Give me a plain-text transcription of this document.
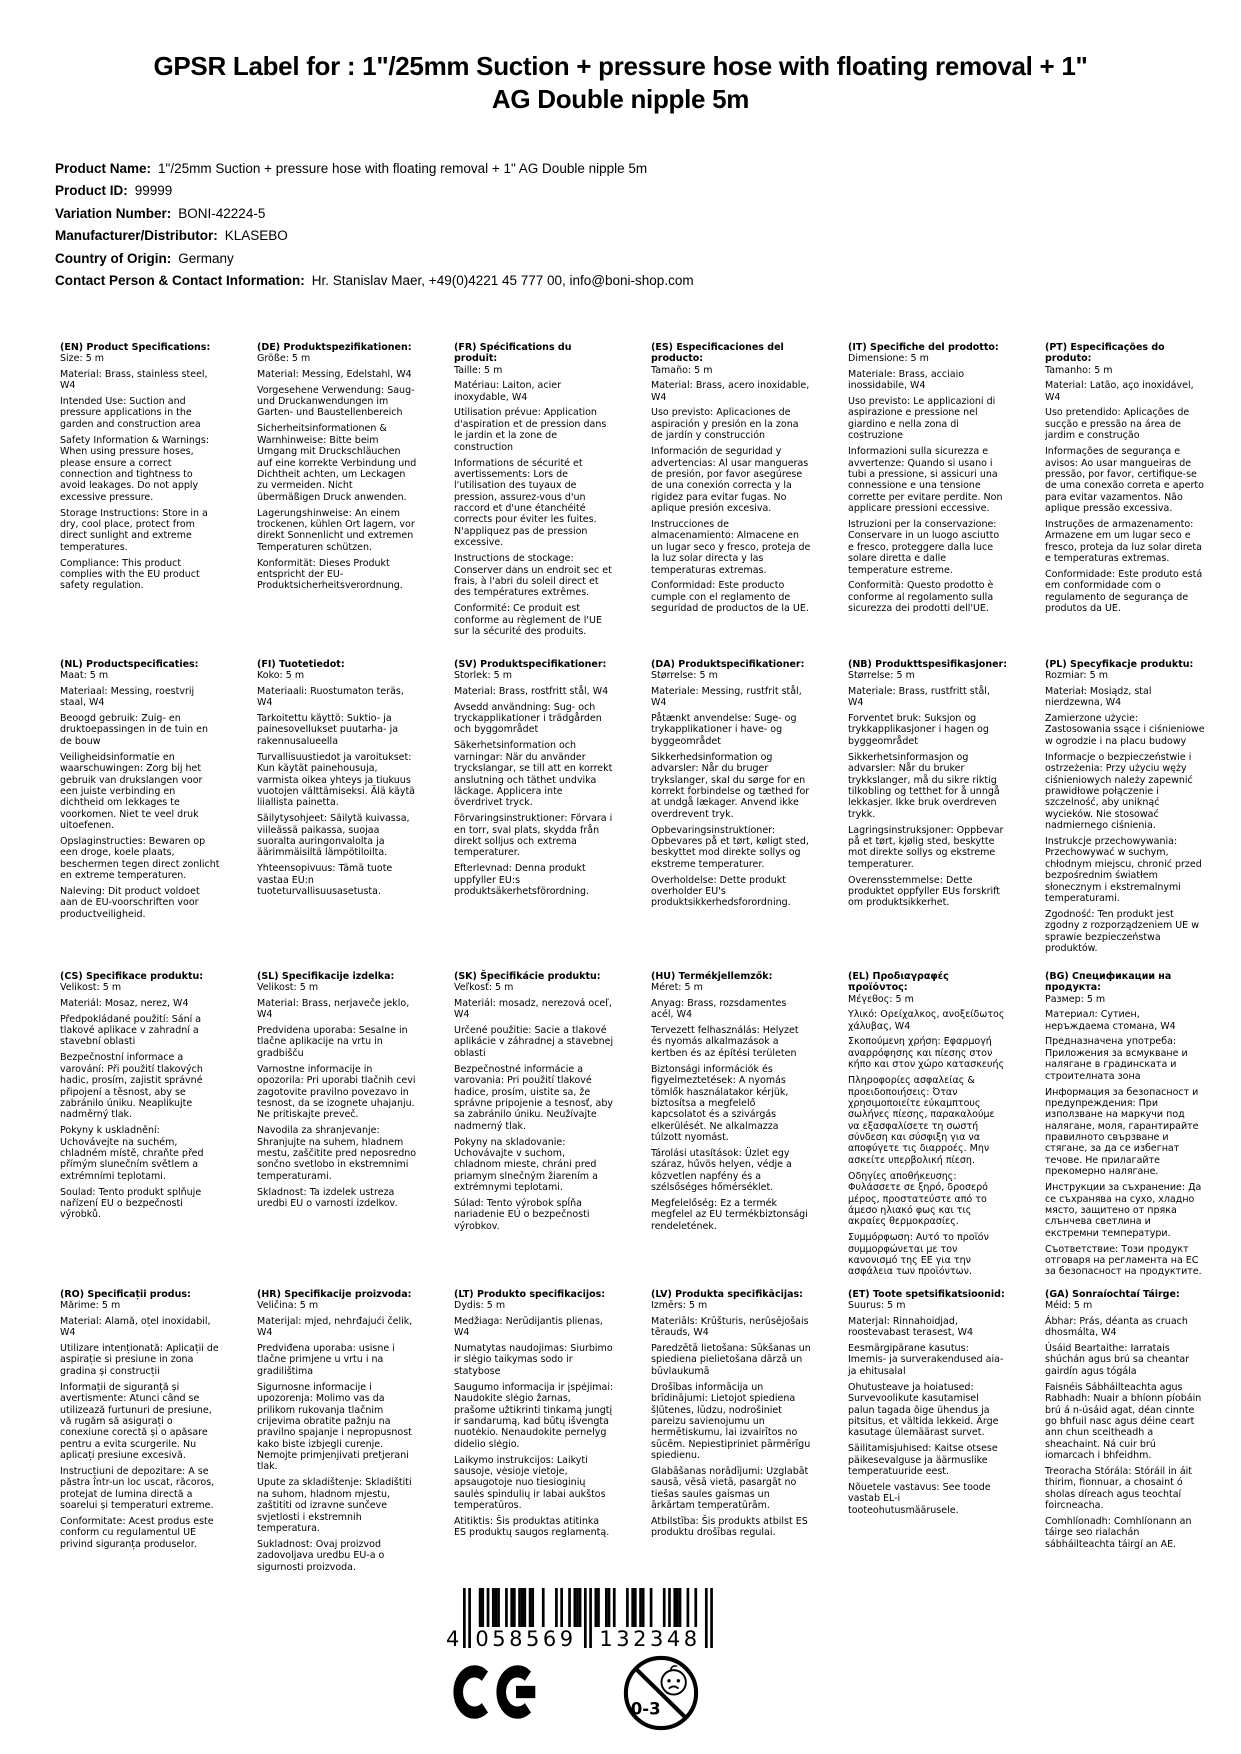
GPSR Label for : 1"/25mm Suction + pressure hose with floating removal + 1" AG Double nipple 5m
Product Name: 1"/25mm Suction + pressure hose with floating removal + 1" AG Double nipple 5m
Product ID: 99999
Variation Number: BONI-42224-5
Manufacturer/Distributor: KLASEBO
Country of Origin: Germany
Contact Person & Contact Information: Hr. Stanislav Maer, +49(0)4221 45 777 00, info@boni-shop.com

(EN) Product Specifications:

Size: 5 m

Material: Brass, stainless steel, W4

Intended Use: Suction and pressure applications in the garden and construction area

Safety Information & Warnings: When using pressure hoses, please ensure a correct connection and tightness to avoid leakages. Do not apply excessive pressure.

Storage Instructions: Store in a dry, cool place, protect from direct sunlight and extreme temperatures.

Compliance: This product complies with the EU product safety regulation.

(DE) Produktspezifikationen:

Größe: 5 m

Material: Messing, Edelstahl, W4

Vorgesehene Verwendung: Saug- und Druckanwendungen im Garten- und Baustellenbereich

Sicherheitsinformationen & Warnhinweise: Bitte beim Umgang mit Druckschläuchen auf eine korrekte Verbindung und Dichtheit achten, um Leckagen zu vermeiden. Nicht übermäßigen Druck anwenden.

Lagerungshinweise: An einem trockenen, kühlen Ort lagern, vor direkt Sonnenlicht und extremen Temperaturen schützen.

Konformität: Dieses Produkt entspricht der EU-Produktsicherheitsverordnung.

(FR) Spécifications du produit:

Taille: 5 m

Matériau: Laiton, acier inoxydable, W4

Utilisation prévue: Application d'aspiration et de pression dans le jardin et la zone de construction

Informations de sécurité et avertissements: Lors de l'utilisation des tuyaux de pression, assurez-vous d'un raccord et d'une étanchéité corrects pour éviter les fuites. N'appliquez pas de pression excessive.

Instructions de stockage: Conserver dans un endroit sec et frais, à l'abri du soleil direct et des températures extrêmes.

Conformité: Ce produit est conforme au règlement de l'UE sur la sécurité des produits.

(ES) Especificaciones del producto:

Tamaño: 5 m

Material: Brass, acero inoxidable, W4

Uso previsto: Aplicaciones de aspiración y presión en la zona de jardín y construcción

Información de seguridad y advertencias: Al usar mangueras de presión, por favor asegúrese de una conexión correcta y la rigidez para evitar fugas. No aplique presión excesiva.

Instrucciones de almacenamiento: Almacene en un lugar seco y fresco, proteja de la luz solar directa y las temperaturas extremas.

Conformidad: Este producto cumple con el reglamento de seguridad de productos de la UE.

(IT) Specifiche del prodotto:

Dimensione: 5 m

Materiale: Brass, acciaio inossidabile, W4

Uso previsto: Le applicazioni di aspirazione e pressione nel giardino e nella zona di costruzione

Informazioni sulla sicurezza e avvertenze: Quando si usano i tubi a pressione, si assicuri una connessione e una tensione corrette per evitare perdite. Non applicare pressioni eccessive.

Istruzioni per la conservazione: Conservare in un luogo asciutto e fresco, proteggere dalla luce solare diretta e dalle temperature estreme.

Conformità: Questo prodotto è conforme al regolamento sulla sicurezza dei prodotti dell'UE.

(PT) Especificações do produto:

Tamanho: 5 m

Material: Latão, aço inoxidável, W4

Uso pretendido: Aplicações de sucção e pressão na área de jardim e construção

Informações de segurança e avisos: Ao usar mangueiras de pressão, por favor, certifique-se de uma conexão correta e aperto para evitar vazamentos. Não aplique pressão excessiva.

Instruções de armazenamento: Armazene em um lugar seco e fresco, proteja da luz solar direta e temperaturas extremas.

Conformidade: Este produto está em conformidade com o regulamento de segurança de produtos da UE.

(NL) Productspecificaties:

Maat: 5 m

Materiaal: Messing, roestvrij staal, W4

Beoogd gebruik: Zuig- en druktoepassingen in de tuin en de bouw

Veiligheidsinformatie en waarschuwingen: Zorg bij het gebruik van drukslangen voor een juiste verbinding en dichtheid om lekkages te voorkomen. Niet te veel druk uitoefenen.

Opslaginstructies: Bewaren op een droge, koele plaats, beschermen tegen direct zonlicht en extreme temperaturen.

Naleving: Dit product voldoet aan de EU-voorschriften voor productveiligheid.

(FI) Tuotetiedot:

Koko: 5 m

Materiaali: Ruostumaton teräs, W4

Tarkoitettu käyttö: Suktio- ja painesovellukset puutarha- ja rakennusalueella

Turvallisuustiedot ja varoitukset: Kun käytät painehousuja, varmista oikea yhteys ja tiukuus vuotojen välttämiseksi. Älä käytä liiallista painetta.

Säilytysohjeet: Säilytä kuivassa, viileässä paikassa, suojaa suoralta auringonvalolta ja äärimmäisiltä lämpötiloilta.

Yhteensopivuus: Tämä tuote vastaa EU:n tuoteturvallisuusasetusta.

(SV) Produktspecifikationer:

Storlek: 5 m

Material: Brass, rostfritt stål, W4

Avsedd användning: Sug- och tryckapplikationer i trädgården och byggområdet

Säkerhetsinformation och varningar: När du använder tryckslangar, se till att en korrekt anslutning och täthet undvika läckage. Applicera inte överdrivet tryck.

Förvaringsinstruktioner: Förvara i en torr, sval plats, skydda från direkt solljus och extrema temperaturer.

Efterlevnad: Denna produkt uppfyller EU:s produktsäkerhetsförordning.

(DA) Produktspecifikationer:

Størrelse: 5 m

Materiale: Messing, rustfrit stål, W4

Påtænkt anvendelse: Suge- og trykapplikationer i have- og byggeområdet

Sikkerhedsinformation og advarsler: Når du bruger trykslanger, skal du sørge for en korrekt forbindelse og tæthed for at undgå lækager. Anvend ikke overdrevent tryk.

Opbevaringsinstruktioner: Opbevares på et tørt, køligt sted, beskyttet mod direkte sollys og ekstreme temperaturer.

Overholdelse: Dette produkt overholder EU's produktsikkerhedsforordning.

(NB) Produkttspesifikasjoner:

Størrelse: 5 m

Materiale: Brass, rustfritt stål, W4

Forventet bruk: Suksjon og trykkapplikasjoner i hagen og byggeområdet

Sikkerhetsinformasjon og advarsler: Når du bruker trykkslanger, må du sikre riktig tilkobling og tetthet for å unngå lekkasjer. Ikke bruk overdreven trykk.

Lagringsinstruksjoner: Oppbevar på et tørt, kjølig sted, beskytte mot direkte sollys og ekstreme temperaturer.

Overensstemmelse: Dette produktet oppfyller EUs forskrift om produktsikkerhet.

(PL) Specyfikacje produktu:

Rozmiar: 5 m

Materiał: Mosiądz, stal nierdzewna, W4

Zamierzone użycie: Zastosowania ssące i ciśnieniowe w ogrodzie i na placu budowy

Informacje o bezpieczeństwie i ostrzeżenia: Przy użyciu węży ciśnieniowych należy zapewnić prawidłowe połączenie i szczelność, aby uniknąć wycieków. Nie stosować nadmiernego ciśnienia.

Instrukcje przechowywania: Przechowywać w suchym, chłodnym miejscu, chronić przed bezpośrednim światłem słonecznym i ekstremalnymi temperaturami.

Zgodność: Ten produkt jest zgodny z rozporządzeniem UE w sprawie bezpieczeństwa produktów.

(CS) Specifikace produktu:

Velikost: 5 m

Materiál: Mosaz, nerez, W4

Předpokládané použití: Sání a tlakové aplikace v zahradní a stavební oblasti

Bezpečnostní informace a varování: Při použití tlakových hadic, prosím, zajistit správné připojení a těsnost, aby se zabránilo úniku. Neaplikujte nadměrný tlak.

Pokyny k uskladnění: Uchovávejte na suchém, chladném místě, chraňte před přímým slunečním světlem a extrémními teplotami.

Soulad: Tento produkt splňuje nařízení EU o bezpečnosti výrobků.

(SL) Specifikacije izdelka:

Velikost: 5 m

Material: Brass, nerjaveče jeklo, W4

Predvidena uporaba: Sesalne in tlačne aplikacije na vrtu in gradbišču

Varnostne informacije in opozorila: Pri uporabi tlačnih cevi zagotovite pravilno povezavo in tesnost, da se izognete uhajanju. Ne pritiskajte preveč.

Navodila za shranjevanje: Shranjujte na suhem, hladnem mestu, zaščitite pred neposredno sončno svetlobo in ekstremnimi temperaturami.

Skladnost: Ta izdelek ustreza uredbi EU o varnosti izdelkov.

(SK) Špecifikácie produktu:

Veľkosť: 5 m

Materiál: mosadz, nerezová oceľ, W4

Určené použitie: Sacie a tlakové aplikácie v záhradnej a stavebnej oblasti

Bezpečnostné informácie a varovania: Pri použití tlakové hadice, prosím, uistite sa, že správne pripojenie a tesnosť, aby sa zabránilo úniku. Neužívajte nadmerný tlak.

Pokyny na skladovanie: Uchovávajte v suchom, chladnom mieste, chráni pred priamym slnečným žiarením a extrémnymi teplotami.

Súlad: Tento výrobok spĺňa nariadenie EÚ o bezpečnosti výrobkov.

(HU) Termékjellemzők:

Méret: 5 m

Anyag: Brass, rozsdamentes acél, W4

Tervezett felhasználás: Helyzet és nyomás alkalmazások a kertben és az építési területen

Biztonsági információk és figyelmeztetések: A nyomás tömlők használatakor kérjük, biztosítsa a megfelelő kapcsolatot és a szivárgás elkerülését. Ne alkalmazza túlzott nyomást.

Tárolási utasítások: Üzlet egy száraz, hűvös helyen, védje a közvetlen napfény és a szélsőséges hőmérséklet.

Megfelelőség: Ez a termék megfelel az EU termékbiztonsági rendeletének.

(EL) Προδιαγραφές προϊόντος:

Μέγεθος: 5 m

Υλικό: Ορείχαλκος, ανοξείδωτος χάλυβας, W4

Σκοπούμενη χρήση: Εφαρμογή αναρρόφησης και πίεσης στον κήπο και στον χώρο κατασκευής

Πληροφορίες ασφαλείας & προειδοποιήσεις: Όταν χρησιμοποιείτε εύκαμπτους σωλήνες πίεσης, παρακαλούμε να εξασφαλίσετε τη σωστή σύνδεση και σύσφιξη για να αποφύγετε τις διαρροές. Μην ασκείτε υπερβολική πίεση.

Οδηγίες αποθήκευσης: Φυλάσσετε σε ξηρό, δροσερό μέρος, προστατεύστε από το άμεσο ηλιακό φως και τις ακραίες θερμοκρασίες.

Συμμόρφωση: Αυτό το προϊόν συμμορφώνεται με τον κανονισμό της ΕΕ για την ασφάλεια των προϊόντων.

(BG) Спецификации на продукта:

Размер: 5 m

Материал: Сутиен, неръждаема стомана, W4

Предназначена употреба: Приложения за всмукване и налягане в градинската и строителната зона

Информация за безопасност и предупреждения: При използване на маркучи под налягане, моля, гарантирайте правилното свързване и стягане, за да се избегнат течове. Не прилагайте прекомерно налягане.

Инструкции за съхранение: Да се съхранява на сухо, хладно място, защитено от пряка слънчева светлина и екстремни температури.

Съответствие: Този продукт отговаря на регламента на ЕС за безопасност на продуктите.

(RO) Specificații produs:

Mărime: 5 m

Material: Alamă, oțel inoxidabil, W4

Utilizare intenționată: Aplicații de aspirație si presiune in zona gradina și construcții

Informații de siguranță și avertismente: Atunci când se utilizează furtunuri de presiune, vă rugăm să asigurați o conexiune corectă și o apăsare pentru a evita scurgerile. Nu aplicați presiune excesivă.

Instrucțiuni de depozitare: A se păstra într-un loc uscat, răcoros, protejat de lumina directă a soarelui și temperaturi extreme.

Conformitate: Acest produs este conform cu regulamentul UE privind siguranța produselor.

(HR) Specifikacije proizvoda:

Veličina: 5 m

Materijal: mjed, nehrđajući čelik, W4

Predviđena uporaba: usisne i tlačne primjene u vrtu i na gradilištima

Sigurnosne informacije i upozorenja: Molimo vas da prilikom rukovanja tlačnim crijevima obratite pažnju na pravilno spajanje i nepropusnost kako biste izbjegli curenje. Nemojte primjenjivati pretjerani tlak.

Upute za skladištenje: Skladištiti na suhom, hladnom mjestu, zaštititi od izravne sunčeve svjetlosti i ekstremnih temperatura.

Sukladnost: Ovaj proizvod zadovoljava uredbu EU-a o sigurnosti proizvoda.

(LT) Produkto specifikacijos:

Dydis: 5 m

Medžiaga: Nerūdijantis plienas, W4

Numatytas naudojimas: Siurbimo ir slėgio taikymas sodo ir statybose

Saugumo informacija ir įspėjimai: Naudokite slėgio žarnas, prašome užtikrinti tinkamą jungtį ir sandarumą, kad būtų išvengta nuotėkio. Nenaudokite pernelyg didelio slėgio.

Laikymo instrukcijos: Laikyti sausoje, vėsioje vietoje, apsaugotoje nuo tiesioginių saulės spindulių ir labai aukštos temperatūros.

Atitiktis: Šis produktas atitinka ES produktų saugos reglamentą.

(LV) Produkta specifikācijas:

Izmērs: 5 m

Materiāls: Krūšturis, nerūsējošais tērauds, W4

Paredzētā lietošana: Sūkšanas un spiediena pielietošana dārzā un būvlaukumā

Drošības informācija un brīdinājumi: Lietojot spiediena šļūtenes, lūdzu, nodrošiniet pareizu savienojumu un hermētiskumu, lai izvairītos no sūcēm. Nepiestipriniet pārmērīgu spiedienu.

Glabāšanas norādījumi: Uzglabāt sausā, vēsā vietā, pasargāt no tiešas saules gaismas un ārkārtam temperatūrām.

Atbilstība: Šis produkts atbilst ES produktu drošības regulai.

(ET) Toote spetsifikatsioonid:

Suurus: 5 m

Materjal: Rinnahoidjad, roostevabast terasest, W4

Eesmärgipärane kasutus: Imemis- ja surverakendused aia- ja ehitusalal

Ohutusteave ja hoiatused: Survevoolikute kasutamisel palun tagada õige ühendus ja pitsitus, et vältida lekkeid. Ärge kasutage ülemäärast survet.

Säilitamisjuhised: Kaitse otsese päikesevalguse ja äärmuslike temperatuuride eest.

Nõuetele vastavus: See toode vastab EL-i tooteohutusmäärusele.

(GA) Sonraíochtaí Táirge:

Méid: 5 m

Ábhar: Prás, déanta as cruach dhosmálta, W4

Úsáid Beartaithe: Iarratais shúchán agus brú sa cheantar gairdín agus tógála

Faisnéis Sábháilteachta agus Rabhadh: Nuair a bhíonn píobáin brú á n-úsáid agat, déan cinnte go bhfuil nasc agus déine ceart ann chun sceitheadh a sheachaint. Ná cuir brú iomarcach i bhfeidhm.

Treoracha Stórála: Stóráil in áit thirim, fionnuar, a chosaint ó sholas díreach agus teochtaí foircneacha.

Comhlíonadh: Comhlíonann an táirge seo rialachán sábháilteachta táirgí an AE.

4 058569 132348
0-3
